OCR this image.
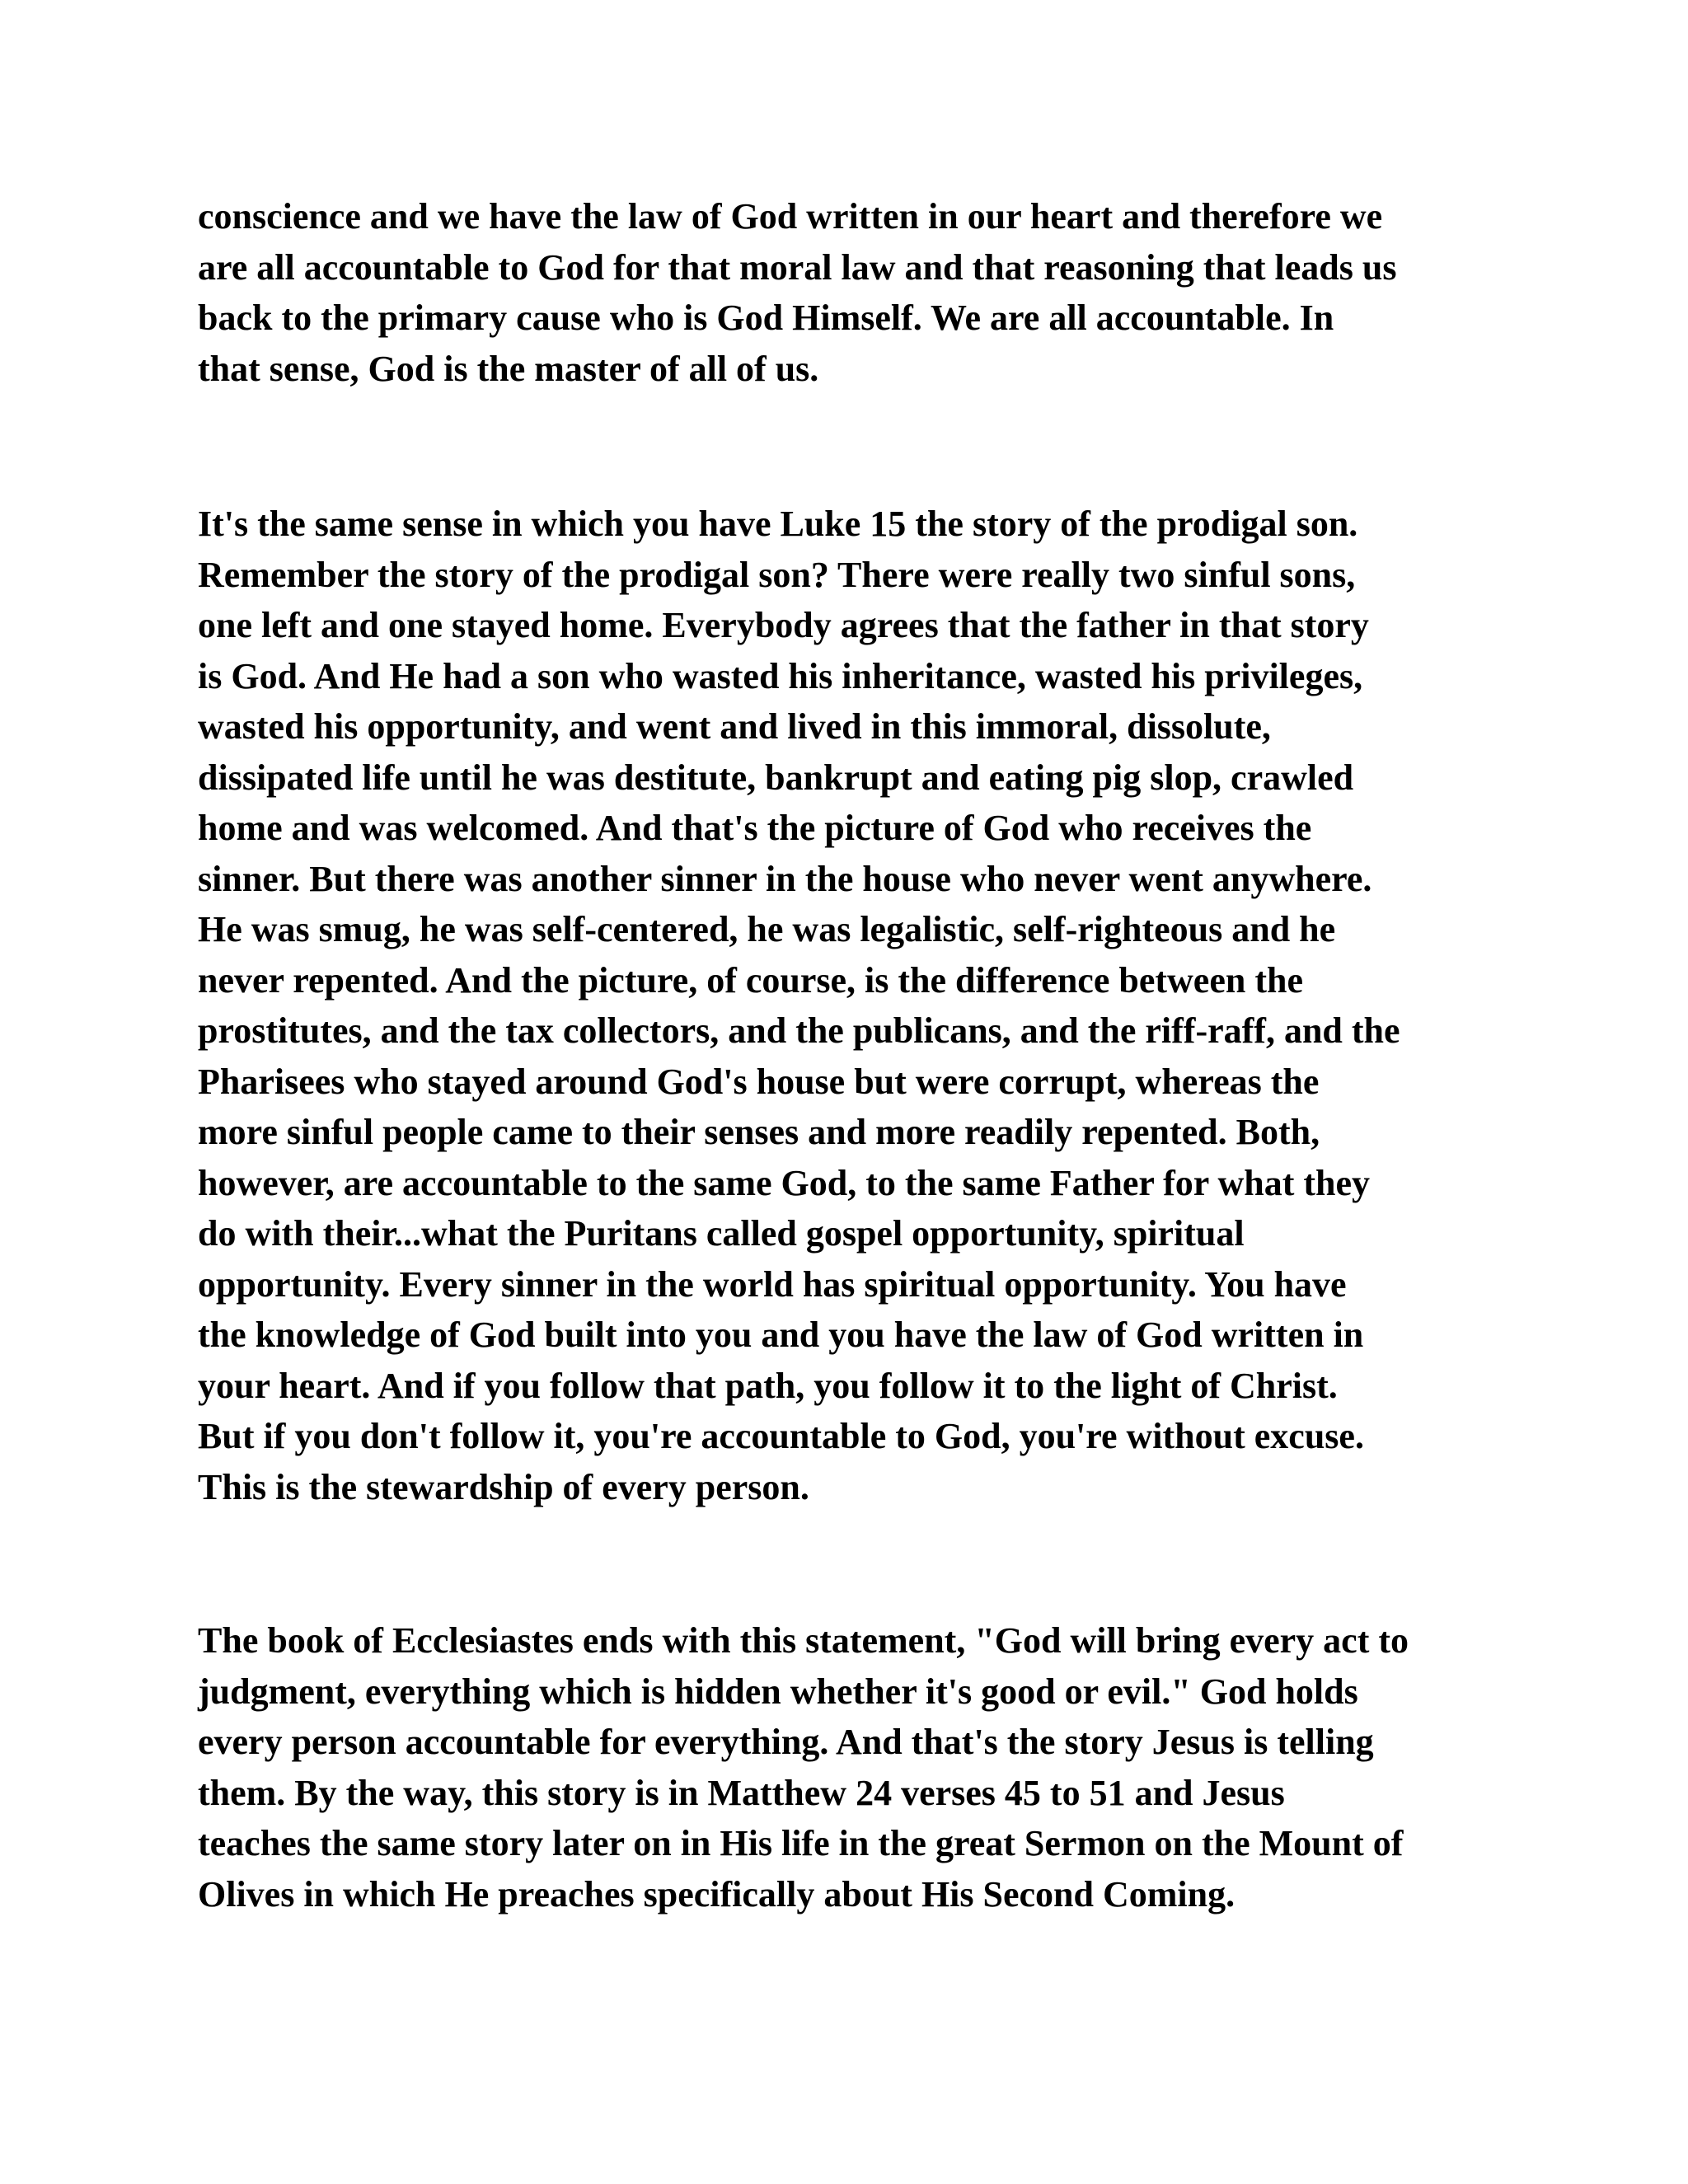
conscience and we have the law of God written in our heart and therefore we
are all accountable to God for that moral law and that reasoning that leads us
back to the primary cause who is God Himself. We are all accountable. In
that sense, God is the master of all of us.
It's the same sense in which you have Luke 15 the story of the prodigal son.
Remember the story of the prodigal son? There were really two sinful sons,
one left and one stayed home. Everybody agrees that the father in that story
is God. And He had a son who wasted his inheritance, wasted his privileges,
wasted his opportunity, and went and lived in this immoral, dissolute,
dissipated life until he was destitute, bankrupt and eating pig slop, crawled
home and was welcomed. And that's the picture of God who receives the
sinner. But there was another sinner in the house who never went anywhere.
He was smug, he was self-centered, he was legalistic, self-righteous and he
never repented. And the picture, of course, is the difference between the
prostitutes, and the tax collectors, and the publicans, and the riff-raff, and the
Pharisees who stayed around God's house but were corrupt, whereas the
more sinful people came to their senses and more readily repented. Both,
however, are accountable to the same God, to the same Father for what they
do with their...what the Puritans called gospel opportunity, spiritual
opportunity. Every sinner in the world has spiritual opportunity. You have
the knowledge of God built into you and you have the law of God written in
your heart. And if you follow that path, you follow it to the light of Christ.
But if you don't follow it, you're accountable to God, you're without excuse.
This is the stewardship of every person.
The book of Ecclesiastes ends with this statement, "God will bring every act to
judgment, everything which is hidden whether it's good or evil." God holds
every person accountable for everything. And that's the story Jesus is telling
them. By the way, this story is in Matthew 24 verses 45 to 51 and Jesus
teaches the same story later on in His life in the great Sermon on the Mount of
Olives in which He preaches specifically about His Second Coming.
